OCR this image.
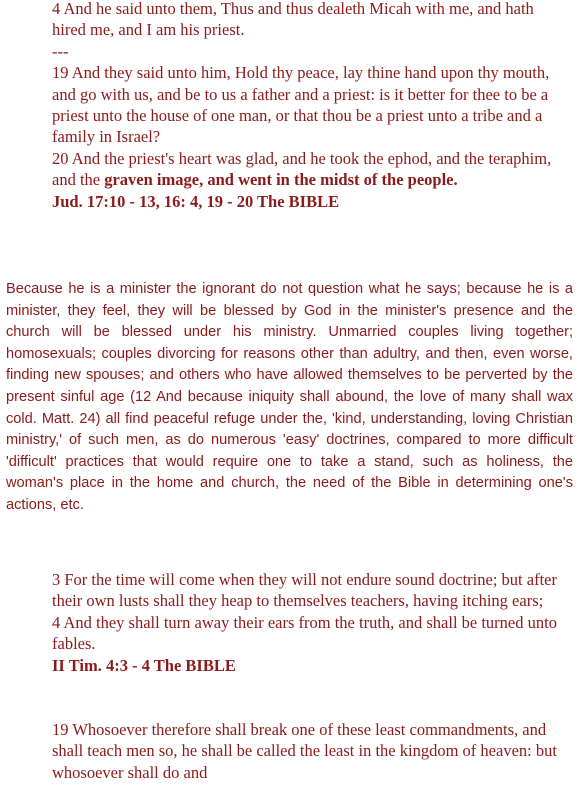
4 And he said unto them, Thus and thus dealeth Micah with me, and hath hired me, and I am his priest.

---

19 And they said unto him, Hold thy peace, lay thine hand upon thy mouth, and go with us, and be to us a father and a priest: is it better for thee to be a priest unto the house of one man, or that thou be a priest unto a tribe and a family in Israel?

20 And the priest's heart was glad, and he took the ephod, and the teraphim, and the graven image, and went in the midst of the people.

Jud. 17:10 - 13, 16: 4, 19 - 20 The BIBLE

Because he is a minister the ignorant do not question what he says; because he is a minister, they feel, they will be blessed by God in the minister's presence and the church will be blessed under his ministry. Unmarried couples living together; homosexuals; couples divorcing for reasons other than adultry, and then, even worse, finding new spouses; and others who have allowed themselves to be perverted by the present sinful age (12 And because iniquity shall abound, the love of many shall wax cold. Matt. 24) all find peaceful refuge under the, 'kind, understanding, loving Christian ministry,' of such men, as do numerous 'easy' doctrines, compared to more difficult 'difficult' practices that would require one to take a stand, such as holiness, the woman's place in the home and church, the need of the Bible in determining one's actions, etc.

3 For the time will come when they will not endure sound doctrine; but after their own lusts shall they heap to themselves teachers, having itching ears;

4 And they shall turn away their ears from the truth, and shall be turned unto fables.

II Tim. 4:3 - 4 The BIBLE

19 Whosoever therefore shall break one of these least commandments, and shall teach men so, he shall be called the least in the kingdom of heaven: but whosoever shall do and
